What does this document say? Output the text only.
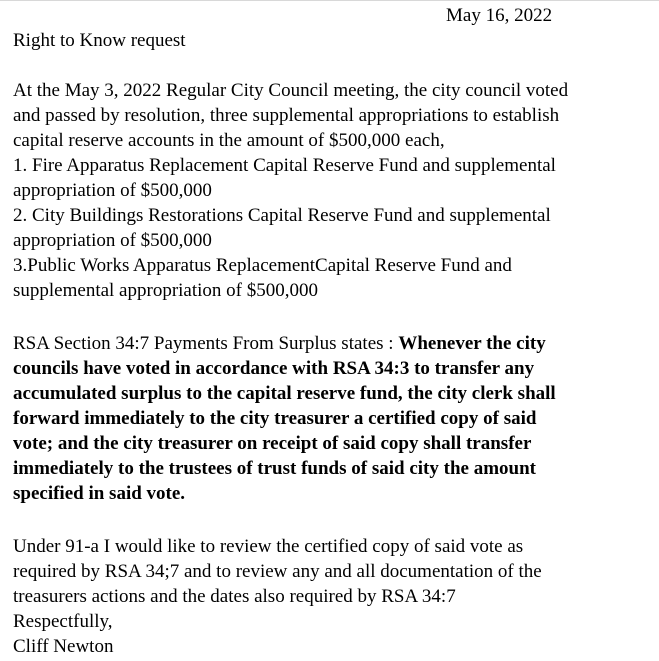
May 16, 2022
Right to Know request
At the May 3, 2022 Regular City Council meeting, the city council voted
and passed by resolution, three supplemental appropriations to establish
capital reserve accounts in the amount of $500,000 each,
1. Fire Apparatus Replacement Capital Reserve Fund and supplemental
appropriation of $500,000
2. City Buildings Restorations Capital Reserve Fund and supplemental
appropriation of $500,000
3.Public Works Apparatus ReplacementCapital Reserve Fund and
supplemental appropriation of $500,000
RSA Section 34:7 Payments From Surplus states : Whenever the city
councils have voted in accordance with RSA 34:3 to transfer any
accumulated surplus to the capital reserve fund, the city clerk shall
forward immediately to the city treasurer a certified copy of said
vote; and the city treasurer on receipt of said copy shall transfer
immediately to the trustees of trust funds of said city the amount
specified in said vote.
Under 91-a I would like to review the certified copy of said vote as
required by RSA 34;7 and to review any and all documentation of the
treasurers actions and the dates also required by RSA 34:7
Respectfully,
Cliff Newton
